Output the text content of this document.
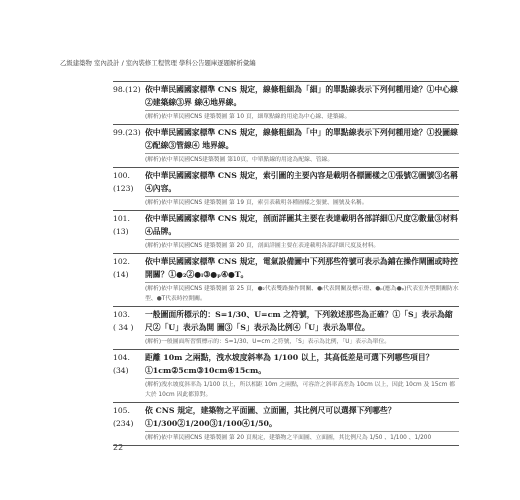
乙級建築物 室內設計 / 室內裝修工程管理 學科公告題庫逐題解析彙編
98.(12) 依中華民國國家標準 CNS 規定，線條粗細為「細」的單點線表示下列何種用途？①中心線②建築線③界 線④地界線。
(解析)依中華民國CNS 建築製圖 第 10 頁，細單點線的用途為中心線、建築線。
99.(23) 依中華民國國家標準 CNS 規定，線條粗細為「中」的單點線表示下列何種用途？①投圖線②配線③管線④ 地界線。
(解析)依中華民國CNS建築製圖 第10頁，中單點線的用途為配線、管線。
100.
(123)
依中華民國國家標準 CNS 規定，索引圖的主要內容是載明各標圖樣之①張號②圖號③名稱④內容。
(解析)依中華民國CNS 建築製圖 第 19 頁，索引表載明各種圖樣之張號、圖號及名稱。
101.
(13)
依中華民國國家標準 CNS 規定，剖面詳圖其主要在表達載明各部詳細①尺度②數量③材料④品牌。
(解析)依中華民國CNS 建築製圖 第 20 頁，剖面詳圖主要在表達載明各部詳細尺度及材料。
102.
(14)
依中華民國國家標準 CNS 規定，電氣設備圖中下列那些符號可表示為鋪在操作閘圖或時控開關？①●₂②●ₗ③●ₚ④●T。
(解析)依中華民國CNS 建築製圖 第 25 頁，●₂代表雙路操作開關、●ₗ代表開關及標示燈、●ₚ(應為●ₚ)代表室外型開關防水型、●T代表時控開關。
103.
( 34 )
一般圖面所標示的：S=1/30、U=cm 之符號，下列敘述那些為正確？①「S」表示為縮尺②「U」表示為開 圖③「S」表示為比例④「U」表示為單位。
(解析)一般圖面所習慣標示的：S=1/30、U=cm 之符號，「S」表示為比例，「U」表示為單位。
104.
(34)
距離 10m 之兩點，洩水坡度斜率為 1/100 以上，其高低差是可選下列哪些項目？①1cm②5cm③10cm④15cm。
(解析)洩水坡度斜率為 1/100 以上，所以相距 10m 之兩點，可容許之斜率高差為 10cm 以上，因此 10cm 及 15cm 都大於 10cm 因此都算對。
105.
(234)
依 CNS 規定，建築物之平面圖、立面圖，其比例尺可以選擇下列哪些？①1/300②1/200③1/100④1/50。
(解析)依中華民國CNS 建築製圖 第 20 頁規定，建築物之平面圖、立面圖，其比例尺為 1/50 、1/100 、1/200
22
